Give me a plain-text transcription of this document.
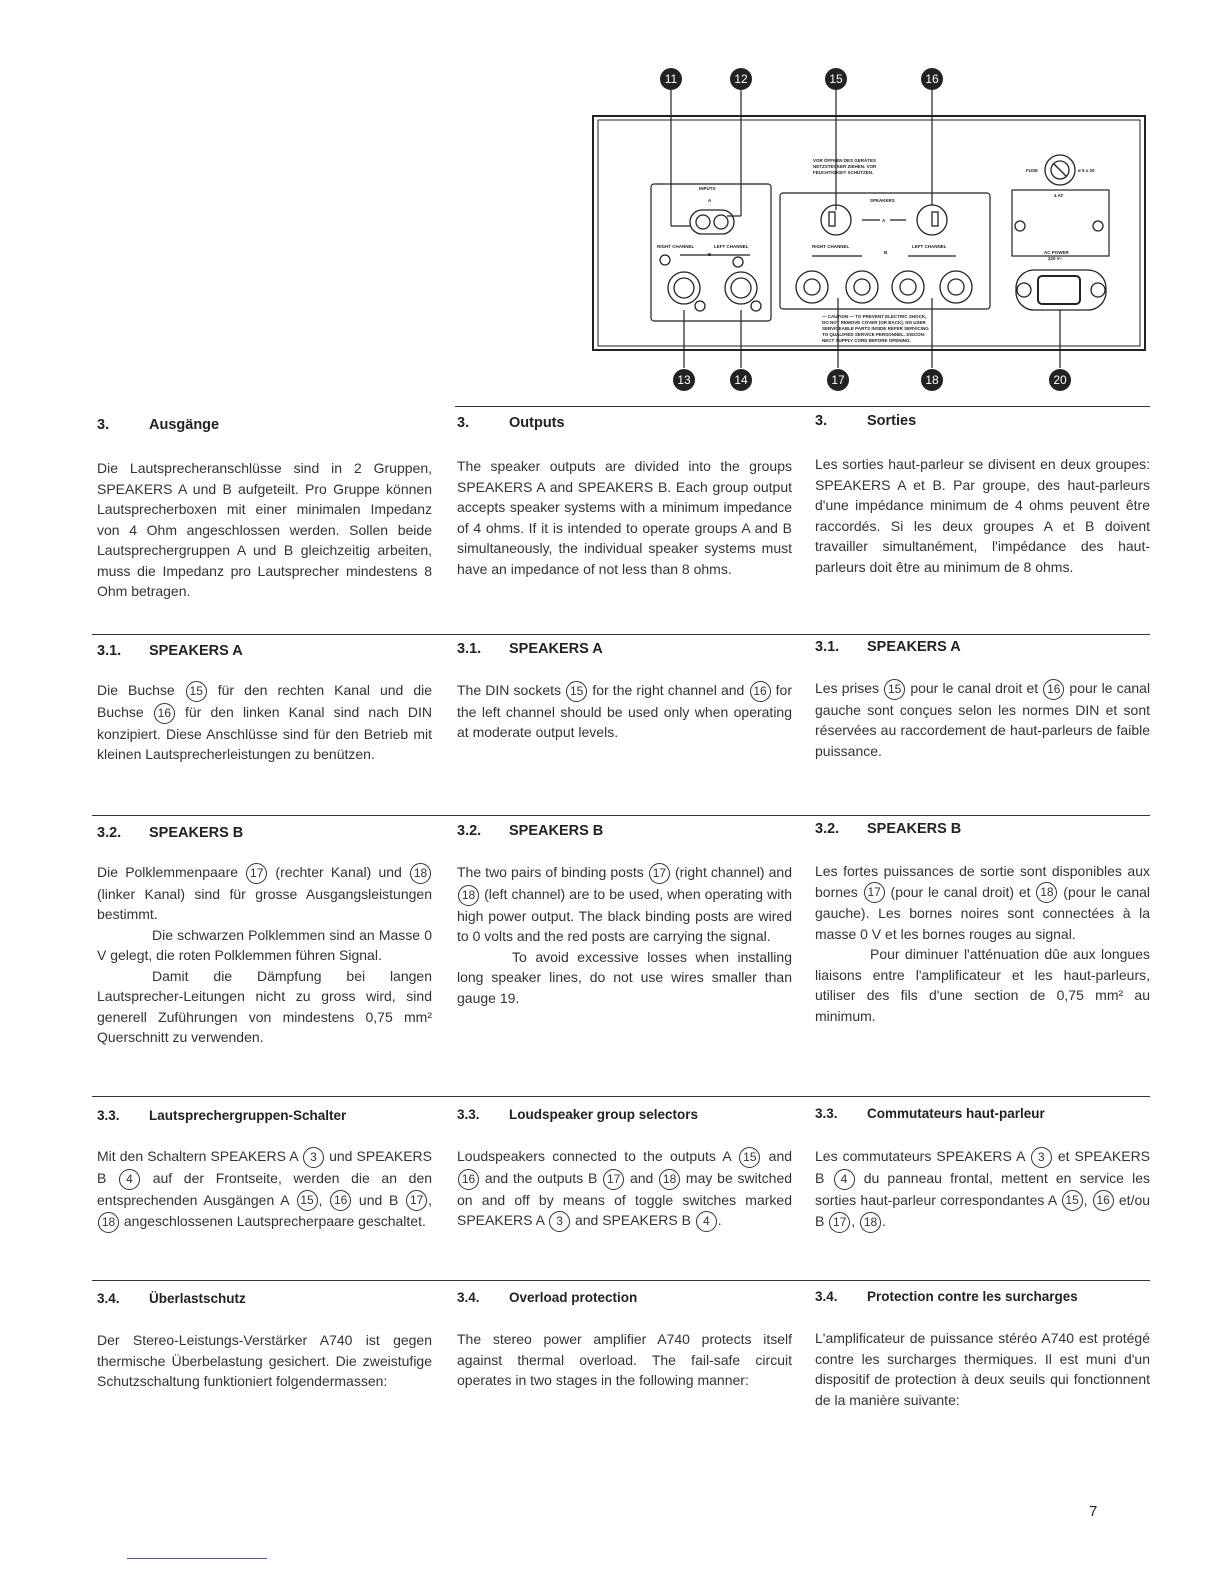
VOR ÖFFNEN DES GERÄTES
NETZSTECKER ZIEHEN. VOR
FEUCHTIGKEIT SCHÜTZEN.
INPUTS
A
RIGHT CHANNEL	LEFT CHANNEL
B
SPEAKERS
A
RIGHT CHANNEL	LEFT CHANNEL
B
FUSE	ø 5 x 20
4 AT
AC POWER
220 V~
— CAUTION — TO PREVENT ELECTRIC SHOCK,
DO NOT REMOVE COVER (OR BACK). NO USER
SERVICEABLE PARTS INSIDE REFER SERVICING
TO QUALIFIED SERVICE PERSONNEL. DISCON-
NECT SUPPLY CORD BEFORE OPENING.
11	12	15	16
13	14	17	18	20
3.	Ausgänge	3.	Outputs	3.	Sorties

Die Lautsprecheranschlüsse sind in 2 Gruppen, SPEAKERS A und B aufgeteilt. Pro Gruppe können Lautsprecherboxen mit einer minimalen Impedanz von 4 Ohm angeschlossen werden. Sollen beide Lautsprechergruppen A und B gleichzeitig arbeiten, muss die Impedanz pro Lautsprecher mindestens 8 Ohm betragen.

The speaker outputs are divided into the groups SPEAKERS A and SPEAKERS B. Each group output accepts speaker systems with a minimum impedance of 4 ohms. If it is intended to operate groups A and B simultaneously, the individual speaker systems must have an impedance of not less than 8 ohms.

Les sorties haut-parleur se divisent en deux groupes: SPEAKERS A et B. Par groupe, des haut-parleurs d'une impédance minimum de 4 ohms peuvent être raccordés. Si les deux groupes A et B doivent travailler simultanément, l'impédance des haut-parleurs doit être au minimum de 8 ohms.

3.1. SPEAKERS A	3.1. SPEAKERS A	3.1. SPEAKERS A

Die Buchse 15 für den rechten Kanal und die Buchse 16 für den linken Kanal sind nach DIN konzipiert. Diese Anschlüsse sind für den Betrieb mit kleinen Lautsprecherleistungen zu benützen.

The DIN sockets 15 for the right channel and 16 for the left channel should be used only when operating at moderate output levels.

Les prises 15 pour le canal droit et 16 pour le canal gauche sont conçues selon les normes DIN et sont réservées au raccordement de haut-parleurs de faible puissance.

3.2. SPEAKERS B	3.2. SPEAKERS B	3.2. SPEAKERS B

Die Polklemmenpaare 17 (rechter Kanal) und 18 (linker Kanal) sind für grosse Ausgangsleistungen bestimmt.

Die schwarzen Polklemmen sind an Masse 0 V gelegt, die roten Polklemmen führen Signal.

Damit die Dämpfung bei langen Lautsprecher-Leitungen nicht zu gross wird, sind generell Zuführungen von mindestens 0,75 mm² Querschnitt zu verwenden.

The two pairs of binding posts 17 (right channel) and 18 (left channel) are to be used, when operating with high power output. The black binding posts are wired to 0 volts and the red posts are carrying the signal.

To avoid excessive losses when installing long speaker lines, do not use wires smaller than gauge 19.

Les fortes puissances de sortie sont disponibles aux bornes 17 (pour le canal droit) et 18 (pour le canal gauche). Les bornes noires sont connectées à la masse 0 V et les bornes rouges au signal.

Pour diminuer l'atténuation dûe aux longues liaisons entre l'amplificateur et les haut-parleurs, utiliser des fils d'une section de 0,75 mm² au minimum.

3.3. Lautsprechergruppen-Schalter	3.3. Loudspeaker group selectors	3.3. Commutateurs haut-parleur

Mit den Schaltern SPEAKERS A 3 und SPEAKERS B 4 auf der Frontseite, werden die an den entsprechenden Ausgängen A 15 , 16 und B 17 , 18 angeschlossenen Lautsprecherpaare geschaltet.

Loudspeakers connected to the outputs A 15 and 16 and the outputs B 17 and 18 may be switched on and off by means of toggle switches marked SPEAKERS A 3 and SPEAKERS B 4 .

Les commutateurs SPEAKERS A 3 et SPEAKERS B 4 du panneau frontal, mettent en service les sorties haut-parleur correspondantes A 15 , 16 et/ou B 17 , 18 .

3.4. Überlastschutz	3.4. Overload protection	3.4. Protection contre les surcharges

Der Stereo-Leistungs-Verstärker A740 ist gegen thermische Überbelastung gesichert. Die zweistufige Schutzschaltung funktioniert folgendermassen:

The stereo power amplifier A740 protects itself against thermal overload. The fail-safe circuit operates in two stages in the following manner:

L'amplificateur de puissance stéréo A740 est protégé contre les surcharges thermiques. Il est muni d'un dispositif de protection à deux seuils qui fonctionnent de la manière suivante:

7
